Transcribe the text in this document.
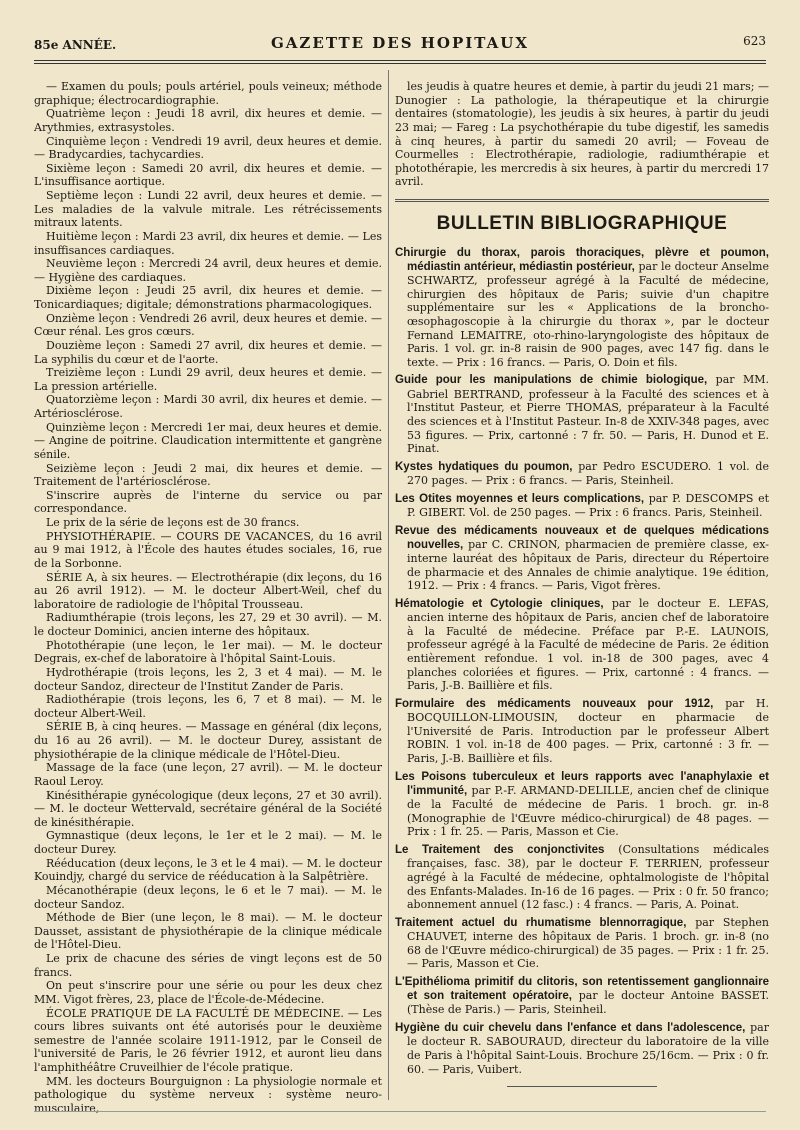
85e ANNÉE.	GAZETTE DES HOPITAUX	623

— Examen du pouls; pouls artériel, pouls veineux; méthode graphique; électrocardiographie.

Quatrième leçon : Jeudi 18 avril, dix heures et demie. — Arythmies, extrasystoles.

Cinquième leçon : Vendredi 19 avril, deux heures et demie. — Bradycardies, tachycardies.

Sixième leçon : Samedi 20 avril, dix heures et demie. — L'insuffisance aortique.

Septième leçon : Lundi 22 avril, deux heures et demie. — Les maladies de la valvule mitrale. Les rétrécissements mitraux latents.

Huitième leçon : Mardi 23 avril, dix heures et demie. — Les insuffisances cardiaques.

Neuvième leçon : Mercredi 24 avril, deux heures et demie. — Hygiène des cardiaques.

Dixième leçon : Jeudi 25 avril, dix heures et demie. — Tonicardiaques; digitale; démonstrations pharmacologiques.

Onzième leçon : Vendredi 26 avril, deux heures et demie. — Cœur rénal. Les gros cœurs.

Douzième leçon : Samedi 27 avril, dix heures et demie. — La syphilis du cœur et de l'aorte.

Treizième leçon : Lundi 29 avril, deux heures et demie. — La pression artérielle.

Quatorzième leçon : Mardi 30 avril, dix heures et demie. — Artériosclérose.

Quinzième leçon : Mercredi 1er mai, deux heures et demie. — Angine de poitrine. Claudication intermittente et gangrène sénile.

Seizième leçon : Jeudi 2 mai, dix heures et demie. — Traitement de l'artériosclérose.

S'inscrire auprès de l'interne du service ou par correspondance.

Le prix de la série de leçons est de 30 francs.

PHYSIOTHÉRAPIE. — COURS DE VACANCES, du 16 avril au 9 mai 1912, à l'École des hautes études sociales, 16, rue de la Sorbonne.

SÉRIE A, à six heures. — Electrothérapie (dix leçons, du 16 au 26 avril 1912). — M. le docteur Albert-Weil, chef du laboratoire de radiologie de l'hôpital Trousseau.

Radiumthérapie (trois leçons, les 27, 29 et 30 avril). — M. le docteur Dominici, ancien interne des hôpitaux.

Photothérapie (une leçon, le 1er mai). — M. le docteur Degrais, ex-chef de laboratoire à l'hôpital Saint-Louis.

Hydrothérapie (trois leçons, les 2, 3 et 4 mai). — M. le docteur Sandoz, directeur de l'Institut Zander de Paris.

Radiothérapie (trois leçons, les 6, 7 et 8 mai). — M. le docteur Albert-Weil.

SÉRIE B, à cinq heures. — Massage en général (dix leçons, du 16 au 26 avril). — M. le docteur Durey, assistant de physiothérapie de la clinique médicale de l'Hôtel-Dieu.

Massage de la face (une leçon, 27 avril). — M. le docteur Raoul Leroy.

Kinésithérapie gynécologique (deux leçons, 27 et 30 avril). — M. le docteur Wettervald, secrétaire général de la Société de kinésithérapie.

Gymnastique (deux leçons, le 1er et le 2 mai). — M. le docteur Durey.

Rééducation (deux leçons, le 3 et le 4 mai). — M. le docteur Kouindjy, chargé du service de rééducation à la Salpêtrière.

Mécanothérapie (deux leçons, le 6 et le 7 mai). — M. le docteur Sandoz.

Méthode de Bier (une leçon, le 8 mai). — M. le docteur Dausset, assistant de physiothérapie de la clinique médicale de l'Hôtel-Dieu.

Le prix de chacune des séries de vingt leçons est de 50 francs.

On peut s'inscrire pour une série ou pour les deux chez MM. Vigot frères, 23, place de l'École-de-Médecine.

ÉCOLE PRATIQUE DE LA FACULTÉ DE MÉDECINE. — Les cours libres suivants ont été autorisés pour le deuxième semestre de l'année scolaire 1911-1912, par le Conseil de l'université de Paris, le 26 février 1912, et auront lieu dans l'amphithéâtre Cruveilhier de l'école pratique.

MM. les docteurs Bourguignon : La physiologie normale et pathologique du système nerveux : système neuro-musculaire,

les jeudis à quatre heures et demie, à partir du jeudi 21 mars; — Dunogier : La pathologie, la thérapeutique et la chirurgie dentaires (stomatologie), les jeudis à six heures, à partir du jeudi 23 mai; — Fareg : La psychothérapie du tube digestif, les samedis à cinq heures, à partir du samedi 20 avril; — Foveau de Courmelles : Electrothérapie, radiologie, radiumthérapie et photothérapie, les mercredis à six heures, à partir du mercredi 17 avril.

BULLETIN BIBLIOGRAPHIQUE
Chirurgie du thorax, parois thoraciques, plèvre et poumon, médiastin antérieur, médiastin postérieur, par le docteur Anselme SCHWARTZ, professeur agrégé à la Faculté de médecine, chirurgien des hôpitaux de Paris; suivie d'un chapitre supplémentaire sur les « Applications de la broncho-œsophagoscopie à la chirurgie du thorax », par le docteur Fernand LEMAITRE, oto-rhino-laryngologiste des hôpitaux de Paris. 1 vol. gr. in-8 raisin de 900 pages, avec 147 fig. dans le texte. — Prix : 16 francs. — Paris, O. Doin et fils.
Guide pour les manipulations de chimie biologique, par MM. Gabriel BERTRAND, professeur à la Faculté des sciences et à l'Institut Pasteur, et Pierre THOMAS, préparateur à la Faculté des sciences et à l'Institut Pasteur. In-8 de XXIV-348 pages, avec 53 figures. — Prix, cartonné : 7 fr. 50. — Paris, H. Dunod et E. Pinat.
Kystes hydatiques du poumon, par Pedro ESCUDERO. 1 vol. de 270 pages. — Prix : 6 francs. — Paris, Steinheil.
Les Otites moyennes et leurs complications, par P. DESCOMPS et P. GIBERT. Vol. de 250 pages. — Prix : 6 francs. Paris, Steinheil.
Revue des médicaments nouveaux et de quelques médications nouvelles, par C. CRINON, pharmacien de première classe, ex-interne lauréat des hôpitaux de Paris, directeur du Répertoire de pharmacie et des Annales de chimie analytique. 19e édition, 1912. — Prix : 4 francs. — Paris, Vigot frères.
Hématologie et Cytologie cliniques, par le docteur E. LEFAS, ancien interne des hôpitaux de Paris, ancien chef de laboratoire à la Faculté de médecine. Préface par P.-E. LAUNOIS, professeur agrégé à la Faculté de médecine de Paris. 2e édition entièrement refondue. 1 vol. in-18 de 300 pages, avec 4 planches coloriées et figures. — Prix, cartonné : 4 francs. — Paris, J.-B. Baillière et fils.
Formulaire des médicaments nouveaux pour 1912, par H. BOCQUILLON-LIMOUSIN, docteur en pharmacie de l'Université de Paris. Introduction par le professeur Albert ROBIN. 1 vol. in-18 de 400 pages. — Prix, cartonné : 3 fr. — Paris, J.-B. Baillière et fils.
Les Poisons tuberculeux et leurs rapports avec l'anaphylaxie et l'immunité, par P.-F. ARMAND-DELILLE, ancien chef de clinique de la Faculté de médecine de Paris. 1 broch. gr. in-8 (Monographie de l'Œuvre médico-chirurgical) de 48 pages. — Prix : 1 fr. 25. — Paris, Masson et Cie.
Le Traitement des conjonctivites (Consultations médicales françaises, fasc. 38), par le docteur F. TERRIEN, professeur agrégé à la Faculté de médecine, ophtalmologiste de l'hôpital des Enfants-Malades. In-16 de 16 pages. — Prix : 0 fr. 50 franco; abonnement annuel (12 fasc.) : 4 francs. — Paris, A. Poinat.
Traitement actuel du rhumatisme blennorragique, par Stephen CHAUVET, interne des hôpitaux de Paris. 1 broch. gr. in-8 (no 68 de l'Œuvre médico-chirurgical) de 35 pages. — Prix : 1 fr. 25. — Paris, Masson et Cie.
L'Epithélioma primitif du clitoris, son retentissement ganglionnaire et son traitement opératoire, par le docteur Antoine BASSET. (Thèse de Paris.) — Paris, Steinheil.
Hygiène du cuir chevelu dans l'enfance et dans l'adolescence, par le docteur R. SABOURAUD, directeur du laboratoire de la ville de Paris à l'hôpital Saint-Louis. Brochure 25/16cm. — Prix : 0 fr. 60. — Paris, Vuibert.
